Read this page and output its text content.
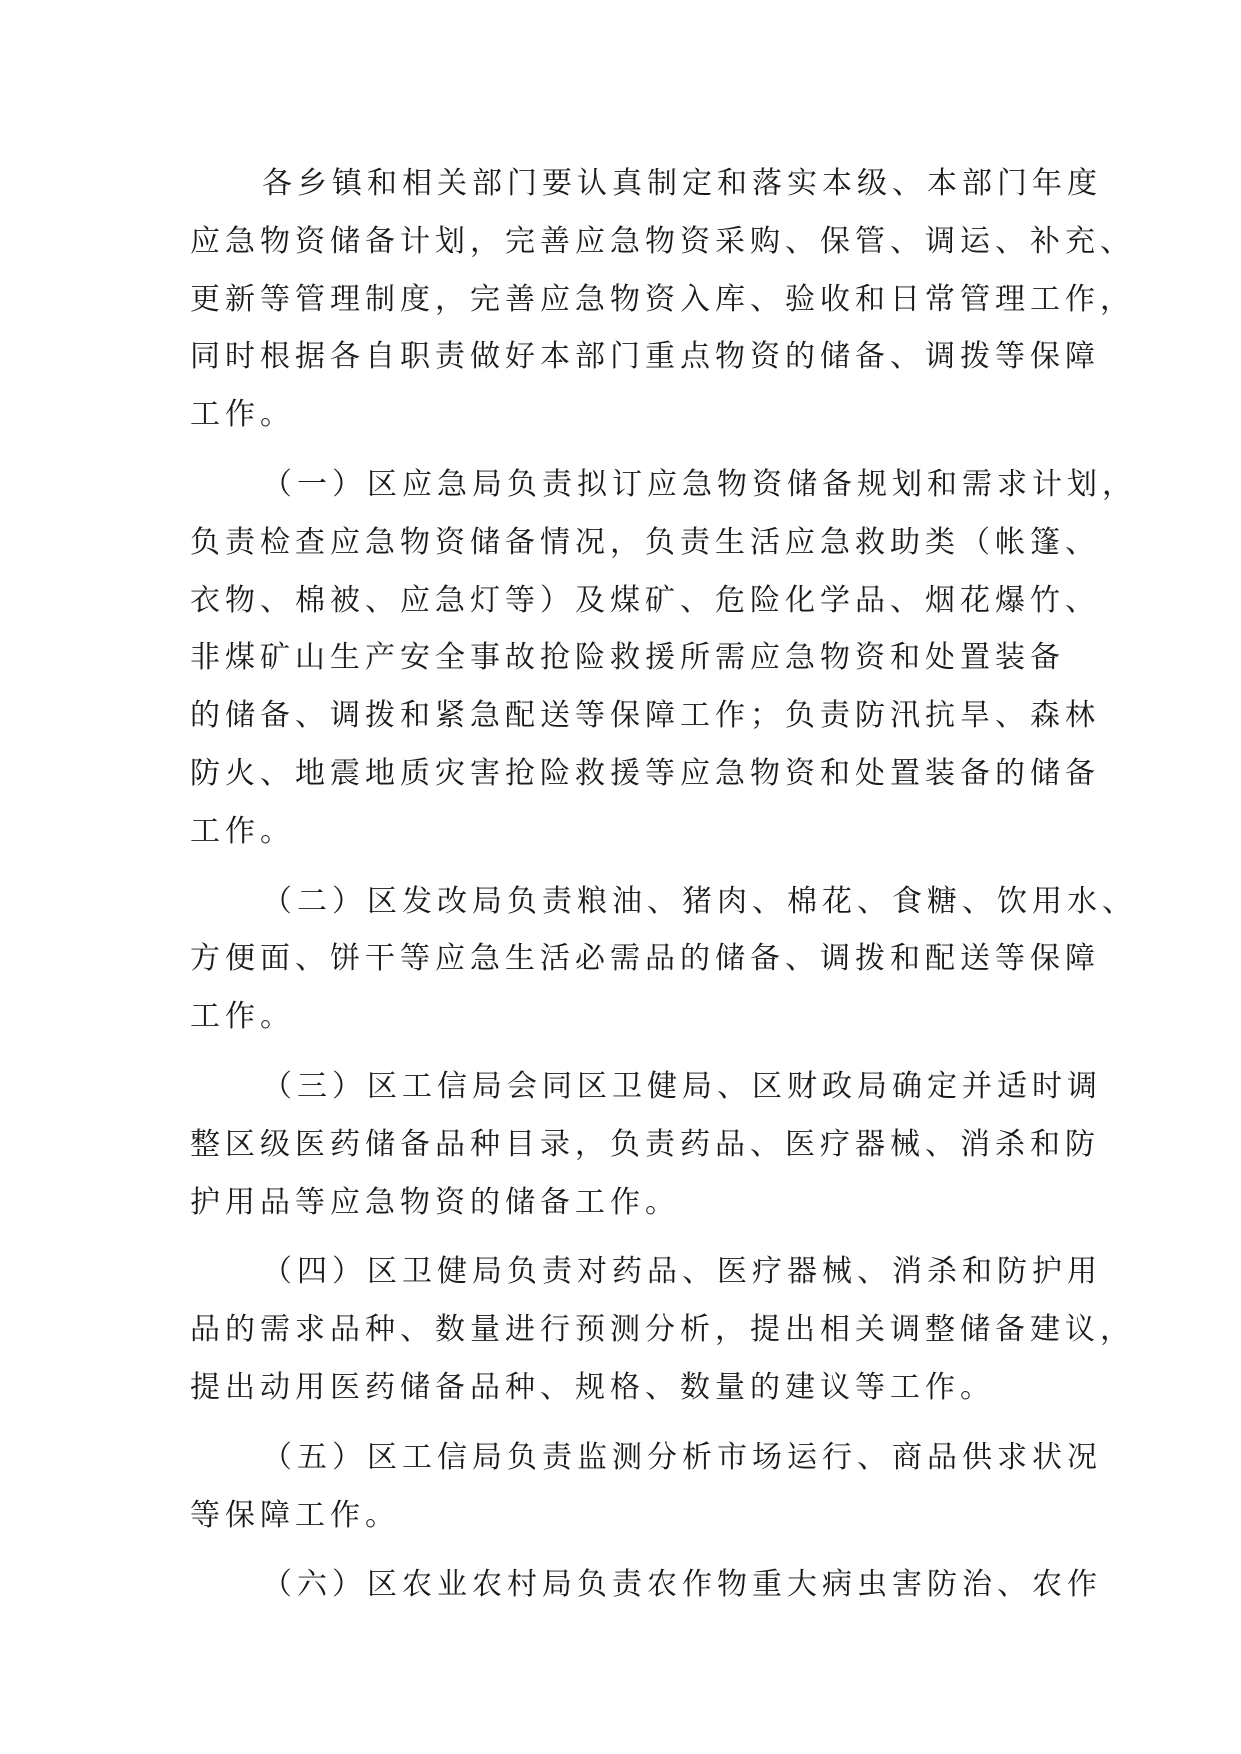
各乡镇和相关部门要认真制定和落实本级、本部门年度
应急物资储备计划，完善应急物资采购、保管、调运、补充、
更新等管理制度，完善应急物资入库、验收和日常管理工作，
同时根据各自职责做好本部门重点物资的储备、调拨等保障
工作。
（一）区应急局负责拟订应急物资储备规划和需求计划，
负责检查应急物资储备情况，负责生活应急救助类（帐篷、
衣物、棉被、应急灯等）及煤矿、危险化学品、烟花爆竹、
非煤矿山生产安全事故抢险救援所需应急物资和处置装备
的储备、调拨和紧急配送等保障工作；负责防汛抗旱、森林
防火、地震地质灾害抢险救援等应急物资和处置装备的储备
工作。
（二）区发改局负责粮油、猪肉、棉花、食糖、饮用水、
方便面、饼干等应急生活必需品的储备、调拨和配送等保障
工作。
（三）区工信局会同区卫健局、区财政局确定并适时调
整区级医药储备品种目录，负责药品、医疗器械、消杀和防
护用品等应急物资的储备工作。
（四）区卫健局负责对药品、医疗器械、消杀和防护用
品的需求品种、数量进行预测分析，提出相关调整储备建议，
提出动用医药储备品种、规格、数量的建议等工作。
（五）区工信局负责监测分析市场运行、商品供求状况
等保障工作。
（六）区农业农村局负责农作物重大病虫害防治、农作
